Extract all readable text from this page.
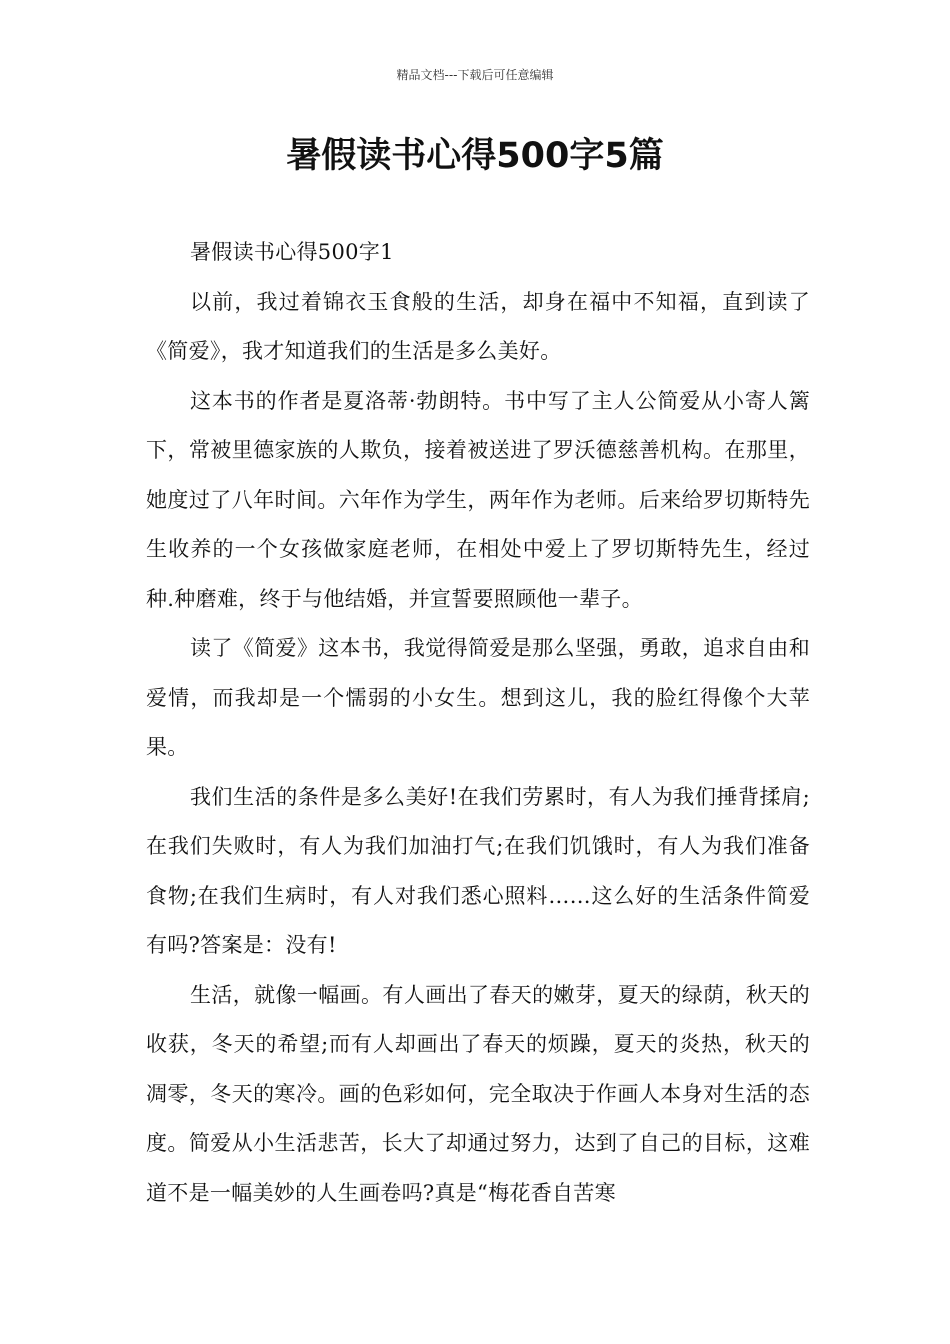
精品文档---下载后可任意编辑
暑假读书心得500字5篇

暑假读书心得500字1

以前，我过着锦衣玉食般的生活，却身在福中不知福，直到读了《简爱》，我才知道我们的生活是多么美好。

这本书的作者是夏洛蒂·勃朗特。书中写了主人公简爱从小寄人篱下，常被里德家族的人欺负，接着被送进了罗沃德慈善机构。在那里，她度过了八年时间。六年作为学生，两年作为老师。后来给罗切斯特先生收养的一个女孩做家庭老师，在相处中爱上了罗切斯特先生，经过种.种磨难，终于与他结婚，并宣誓要照顾他一辈子。

读了《简爱》这本书，我觉得简爱是那么坚强，勇敢，追求自由和爱情，而我却是一个懦弱的小女生。想到这儿，我的脸红得像个大苹果。

我们生活的条件是多么美好!在我们劳累时，有人为我们捶背揉肩;在我们失败时，有人为我们加油打气;在我们饥饿时，有人为我们准备食物;在我们生病时，有人对我们悉心照料……这么好的生活条件简爱有吗?答案是：没有!

生活，就像一幅画。有人画出了春天的嫩芽，夏天的绿荫，秋天的收获，冬天的希望;而有人却画出了春天的烦躁，夏天的炎热，秋天的凋零，冬天的寒冷。画的色彩如何，完全取决于作画人本身对生活的态度。简爱从小生活悲苦，长大了却通过努力，达到了自己的目标，这难道不是一幅美妙的人生画卷吗?真是“梅花香自苦寒
